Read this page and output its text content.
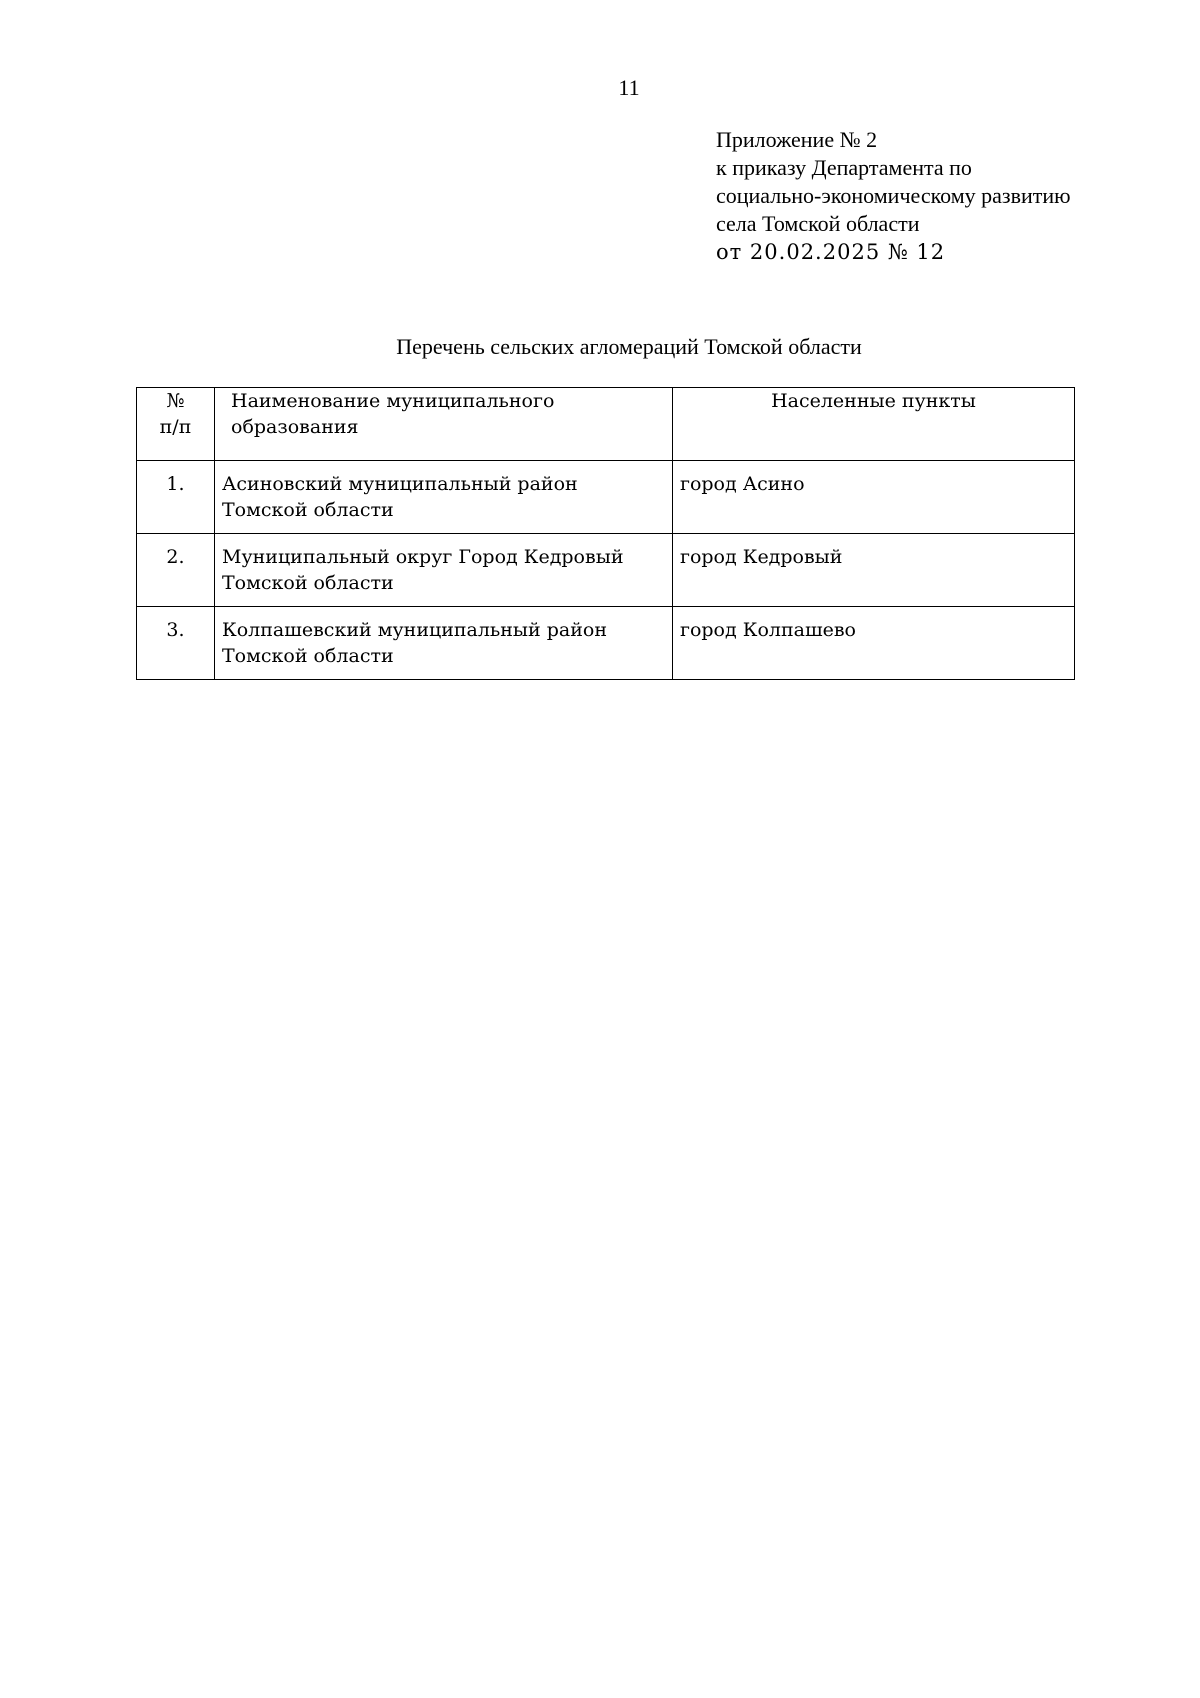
11
Приложение № 2
к приказу Департамента по
социально-экономическому развитию
села Томской области
от 20.02.2025 № 12
Перечень сельских агломераций Томской области
№
п/п	Наименование муниципального образования	Населенные пункты
1.	Асиновский муниципальный район Томской области	город Асино
2.	Муниципальный округ Город Кедровый Томской области	город Кедровый
3.	Колпашевский муниципальный район Томской области	город Колпашево
